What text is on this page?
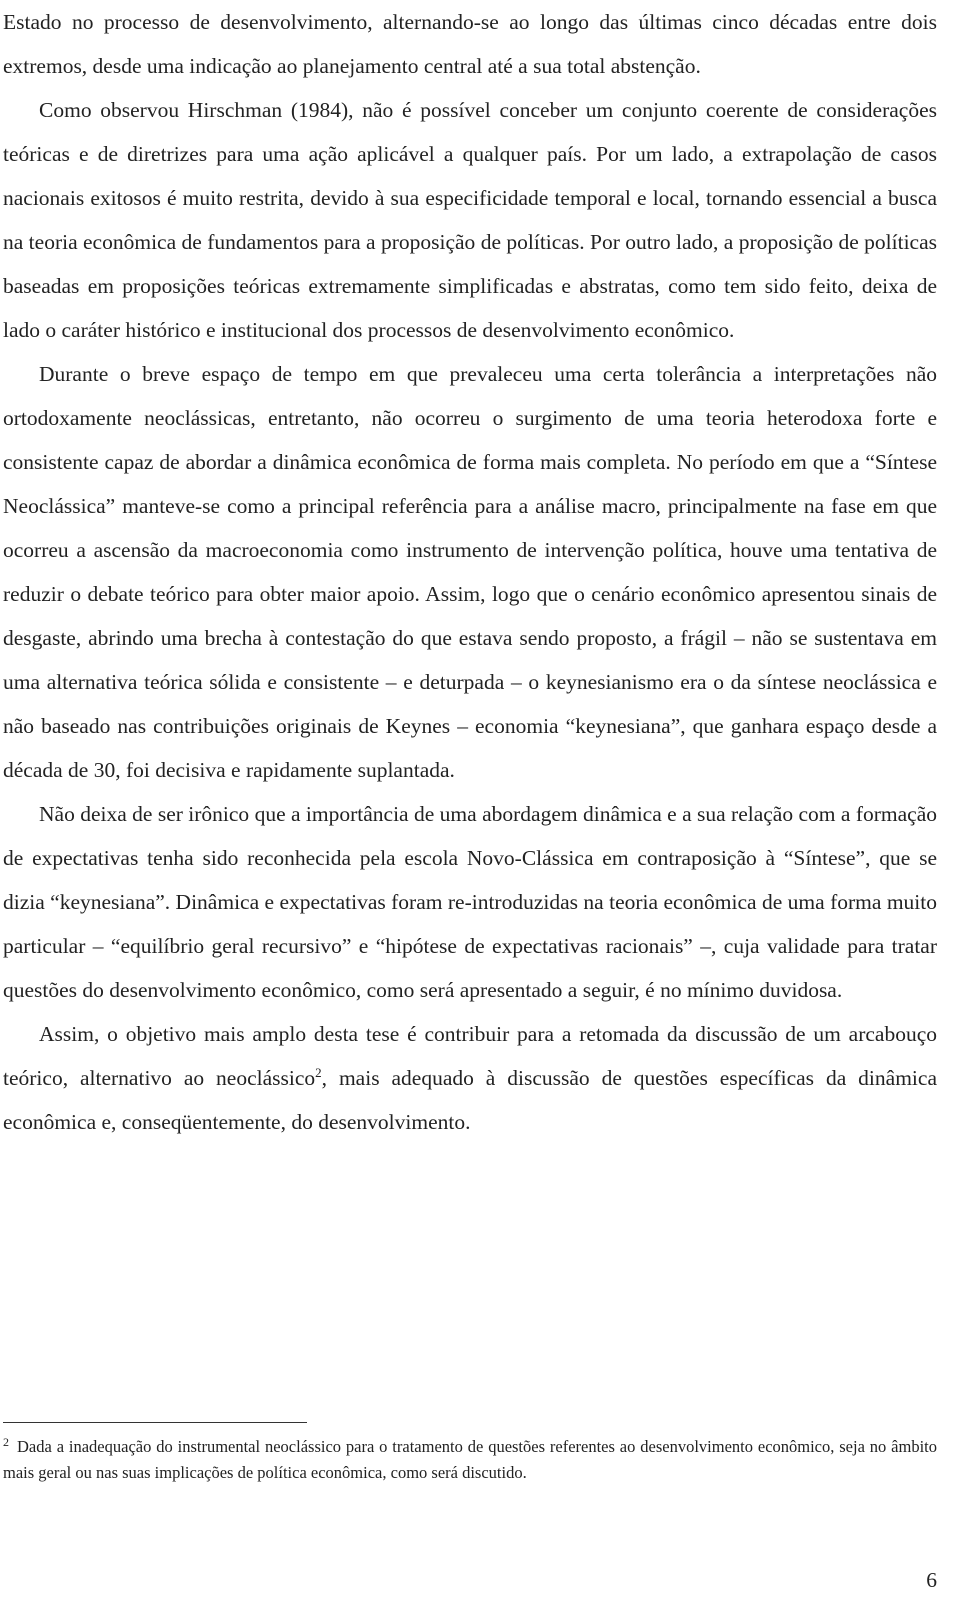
Estado no processo de desenvolvimento, alternando-se ao longo das últimas cinco décadas entre dois extremos, desde uma indicação ao planejamento central até a sua total abstenção.

Como observou Hirschman (1984), não é possível conceber um conjunto coerente de considerações teóricas e de diretrizes para uma ação aplicável a qualquer país. Por um lado, a extrapolação de casos nacionais exitosos é muito restrita, devido à sua especificidade temporal e local, tornando essencial a busca na teoria econômica de fundamentos para a proposição de políticas. Por outro lado, a proposição de políticas baseadas em proposições teóricas extremamente simplificadas e abstratas, como tem sido feito, deixa de lado o caráter histórico e institucional dos processos de desenvolvimento econômico.

Durante o breve espaço de tempo em que prevaleceu uma certa tolerância a interpretações não ortodoxamente neoclássicas, entretanto, não ocorreu o surgimento de uma teoria heterodoxa forte e consistente capaz de abordar a dinâmica econômica de forma mais completa. No período em que a “Síntese Neoclássica” manteve-se como a principal referência para a análise macro, principalmente na fase em que ocorreu a ascensão da macroeconomia como instrumento de intervenção política, houve uma tentativa de reduzir o debate teórico para obter maior apoio. Assim, logo que o cenário econômico apresentou sinais de desgaste, abrindo uma brecha à contestação do que estava sendo proposto, a frágil – não se sustentava em uma alternativa teórica sólida e consistente – e deturpada – o keynesianismo era o da síntese neoclássica e não baseado nas contribuições originais de Keynes – economia “keynesiana”, que ganhara espaço desde a década de 30, foi decisiva e rapidamente suplantada.

Não deixa de ser irônico que a importância de uma abordagem dinâmica e a sua relação com a formação de expectativas tenha sido reconhecida pela escola Novo-Clássica em contraposição à “Síntese”, que se dizia “keynesiana”. Dinâmica e expectativas foram re-introduzidas na teoria econômica de uma forma muito particular – “equilíbrio geral recursivo” e “hipótese de expectativas racionais” –, cuja validade para tratar questões do desenvolvimento econômico, como será apresentado a seguir, é no mínimo duvidosa.

Assim, o objetivo mais amplo desta tese é contribuir para a retomada da discussão de um arcabouço teórico, alternativo ao neoclássico$^2$, mais adequado à discussão de questões específicas da dinâmica econômica e, conseqüentemente, do desenvolvimento.

$^2$ Dada a inadequação do instrumental neoclássico para o tratamento de questões referentes ao desenvolvimento econômico, seja no âmbito mais geral ou nas suas implicações de política econômica, como será discutido.

6
